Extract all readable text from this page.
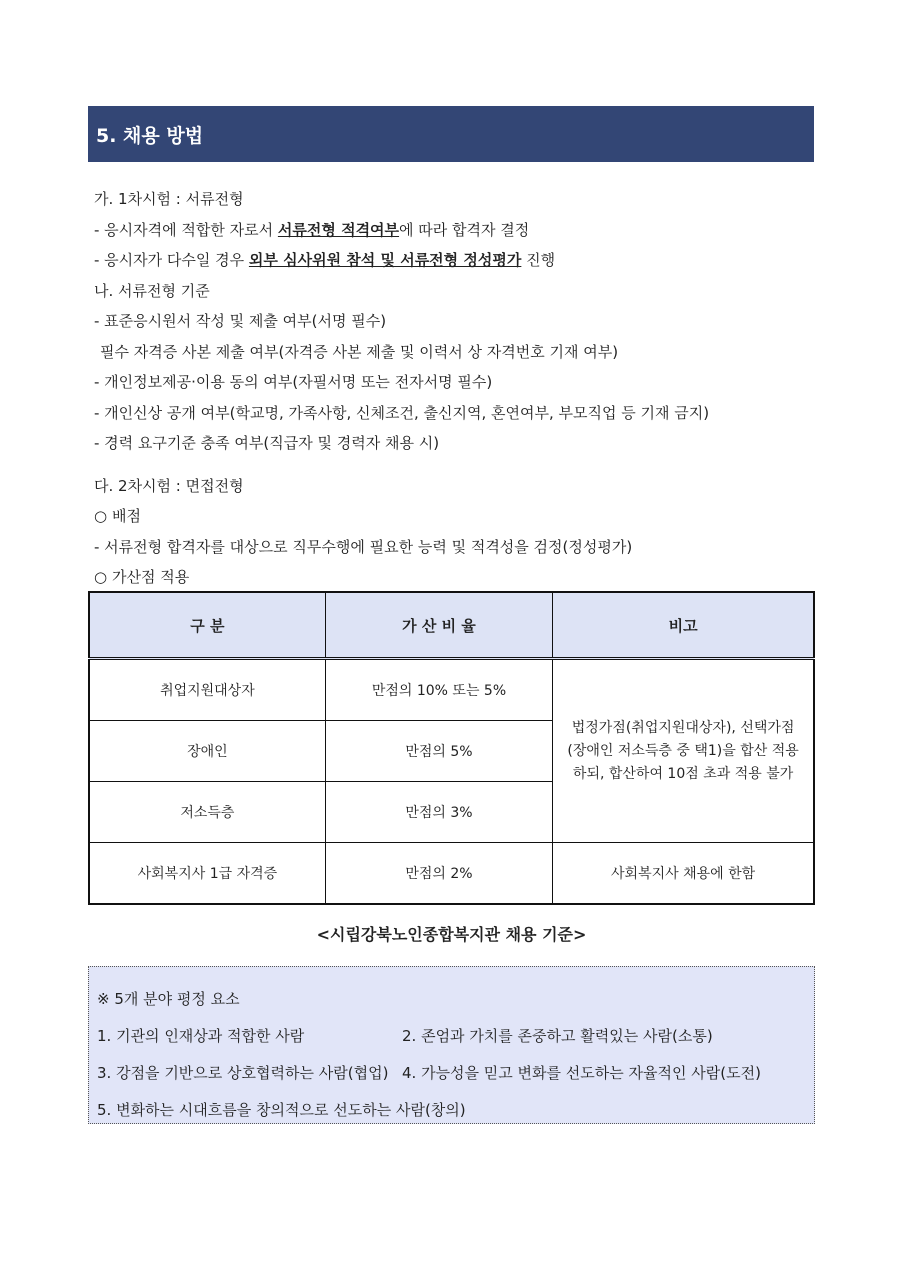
5. 채용 방법
가. 1차시험 : 서류전형
- 응시자격에 적합한 자로서 서류전형 적격여부에 따라 합격자 결정
- 응시자가 다수일 경우 외부 심사위원 참석 및 서류전형 정성평가 진행
나. 서류전형 기준
- 표준응시원서 작성 및 제출 여부(서명 필수)
필수 자격증 사본 제출 여부(자격증 사본 제출 및 이력서 상 자격번호 기재 여부)
- 개인정보제공·이용 동의 여부(자필서명 또는 전자서명 필수)
- 개인신상 공개 여부(학교명, 가족사항, 신체조건, 출신지역, 혼연여부, 부모직업 등 기재 금지)
- 경력 요구기준 충족 여부(직급자 및 경력자 채용 시)
다. 2차시험 : 면접전형
○ 배점
- 서류전형 합격자를 대상으로 직무수행에 필요한 능력 및 적격성을 검정(정성평가)
○ 가산점 적용
구 분	가 산 비 율	비고
취업지원대상자	만점의 10% 또는 5%	법정가점(취업지원대상자), 선택가점(장애인 저소득층 중 택1)을 합산 적용하되, 합산하여 10점 초과 적용 불가
장애인	만점의 5%	
저소득층	만점의 3%	
사회복지사 1급 자격증	만점의 2%	사회복지사 채용에 한함
<시립강북노인종합복지관 채용 기준>
※ 5개 분야 평정 요소
1. 기관의 인재상과 적합한 사람	2. 존엄과 가치를 존중하고 활력있는 사람(소통)
3. 강점을 기반으로 상호협력하는 사람(협업) 4. 가능성을 믿고 변화를 선도하는 자율적인 사람(도전)
5. 변화하는 시대흐름을 창의적으로 선도하는 사람(창의)
